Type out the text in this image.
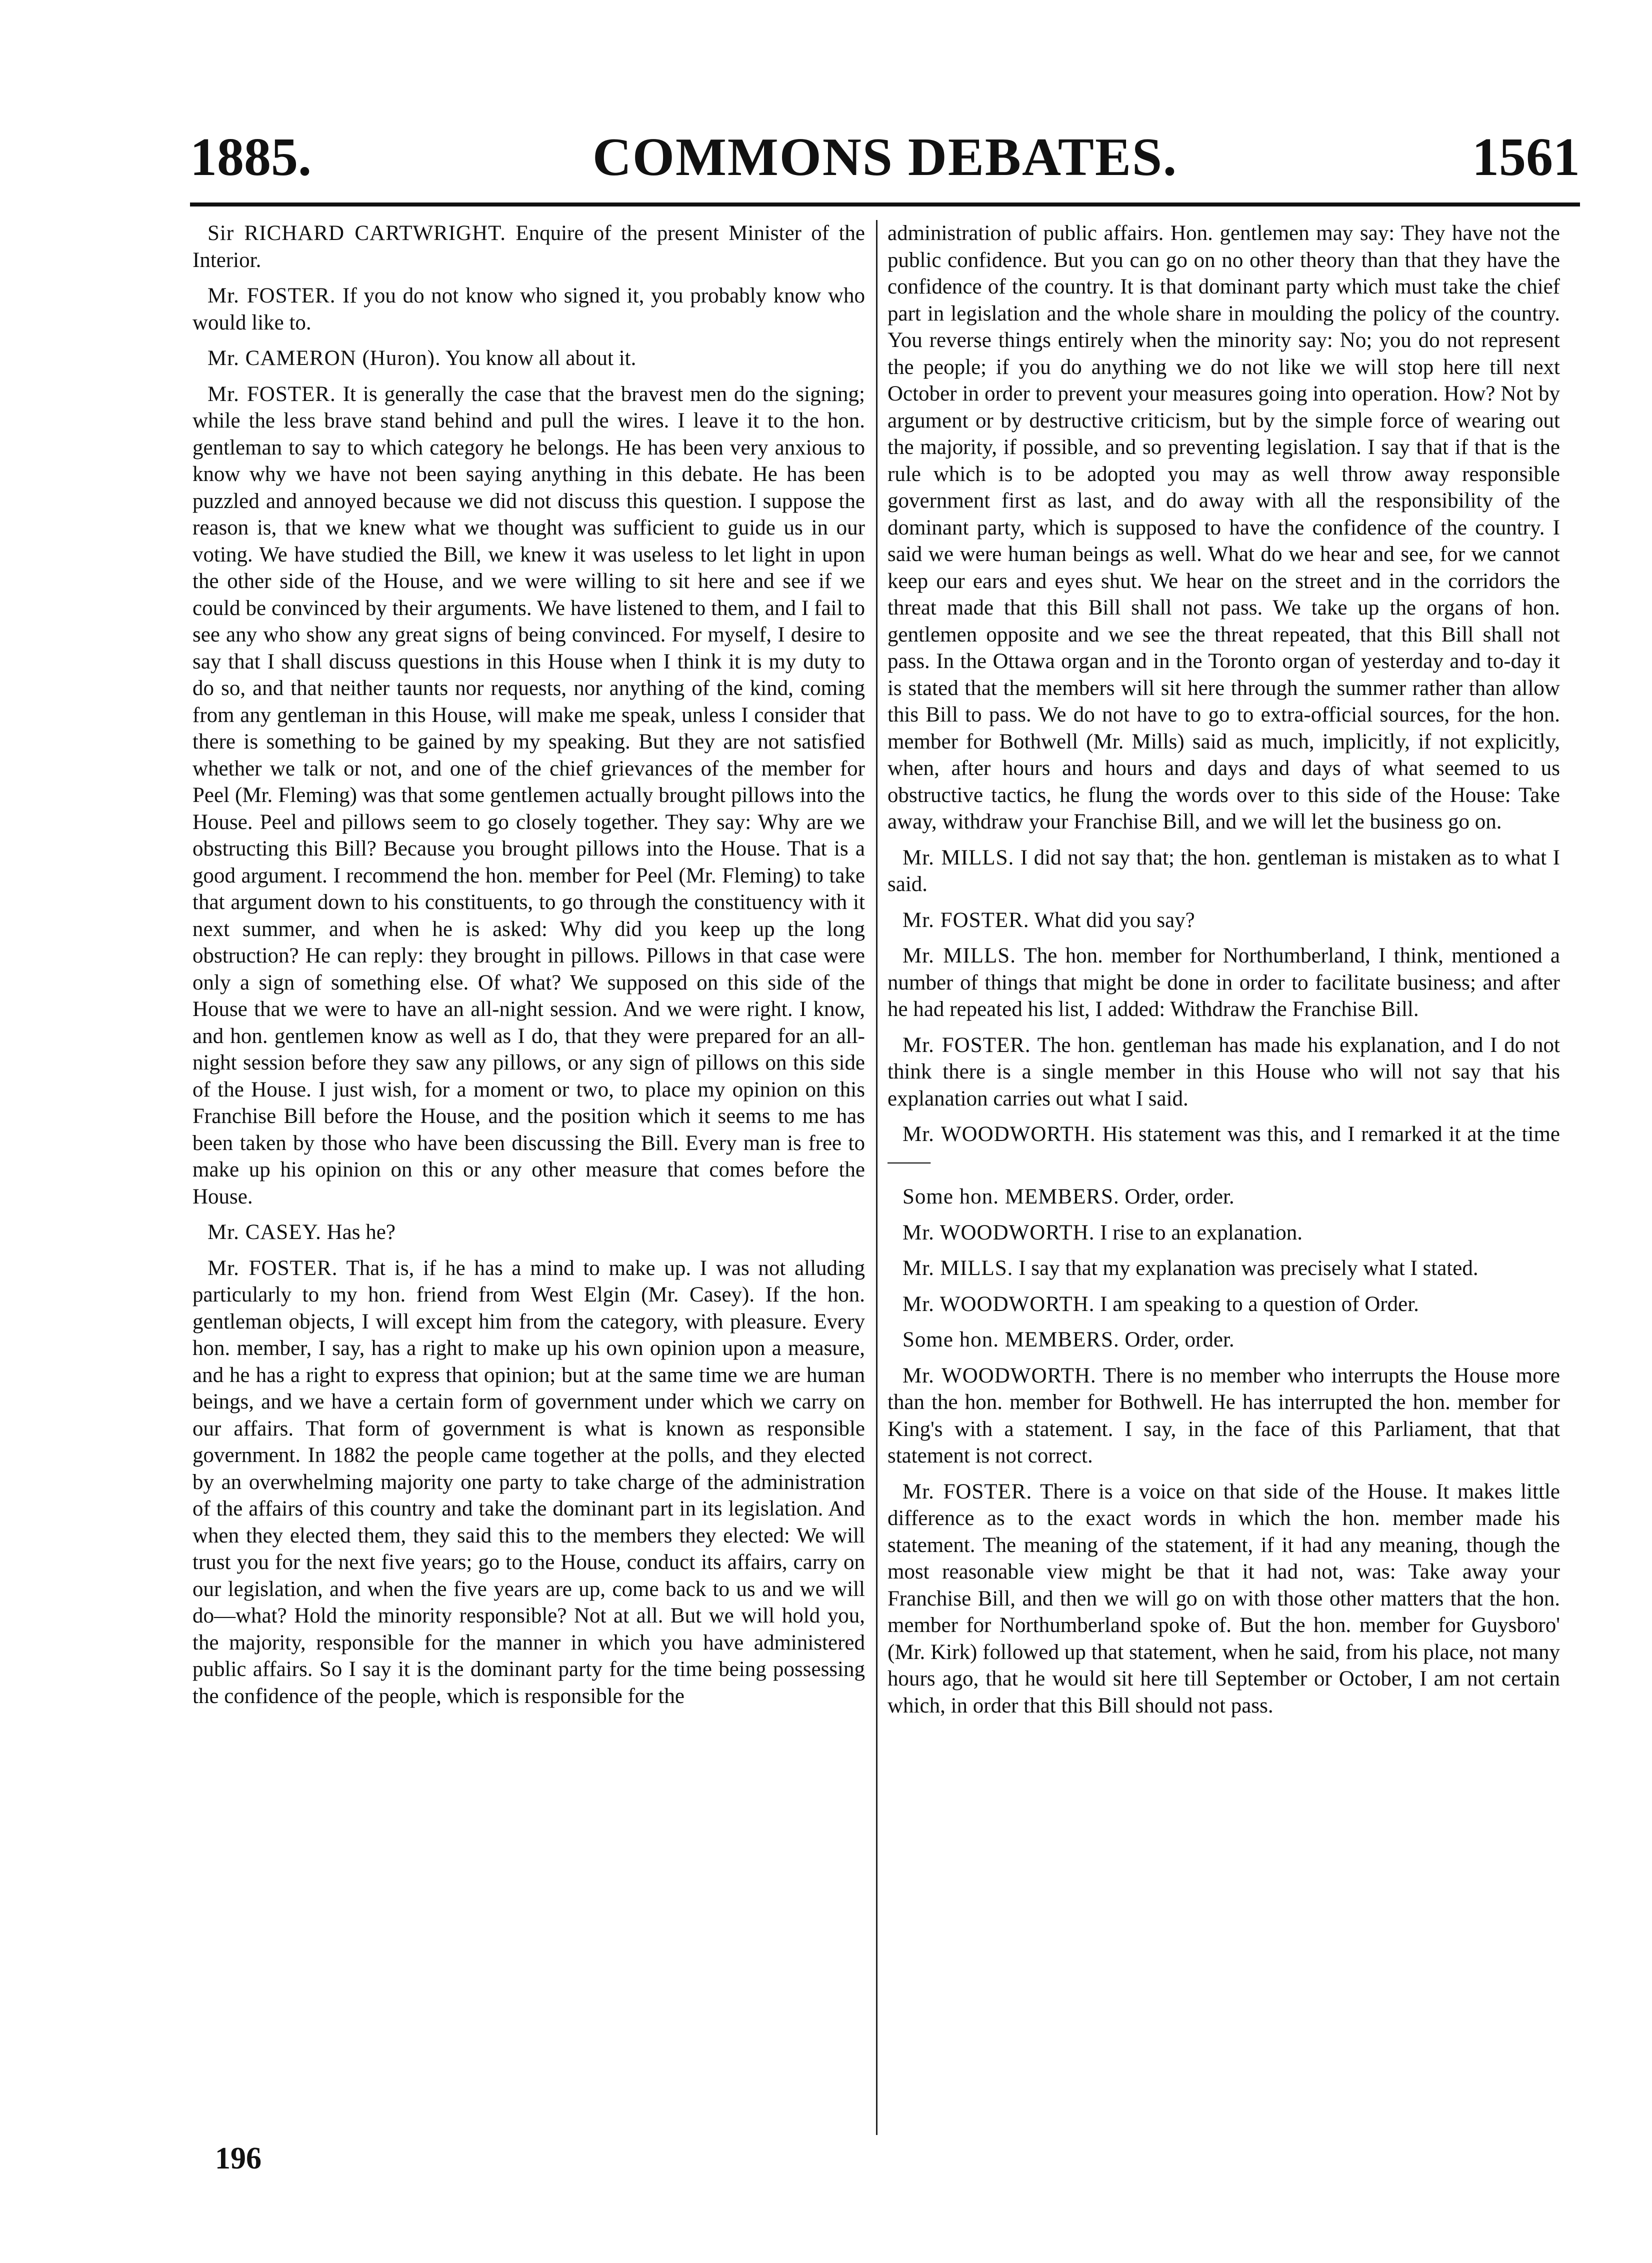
1885.	COMMONS DEBATES.	1561

Sir RICHARD CARTWRIGHT. Enquire of the present Minister of the Interior.

Mr. FOSTER. If you do not know who signed it, you probably know who would like to.

Mr. CAMERON (Huron). You know all about it.

Mr. FOSTER. It is generally the case that the bravest men do the signing; while the less brave stand behind and pull the wires. I leave it to the hon. gentleman to say to which category he belongs. He has been very anxious to know why we have not been saying anything in this debate. He has been puzzled and annoyed because we did not discuss this question. I suppose the reason is, that we knew what we thought was sufficient to guide us in our voting. We have studied the Bill, we knew it was useless to let light in upon the other side of the House, and we were willing to sit here and see if we could be convinced by their arguments. We have listened to them, and I fail to see any who show any great signs of being convinced. For myself, I desire to say that I shall discuss questions in this House when I think it is my duty to do so, and that neither taunts nor requests, nor anything of the kind, coming from any gentleman in this House, will make me speak, unless I consider that there is something to be gained by my speaking. But they are not satisfied whether we talk or not, and one of the chief grievances of the member for Peel (Mr. Fleming) was that some gentlemen actually brought pillows into the House. Peel and pillows seem to go closely together. They say: Why are we obstructing this Bill? Because you brought pillows into the House. That is a good argument. I recommend the hon. member for Peel (Mr. Fleming) to take that argument down to his constituents, to go through the constituency with it next summer, and when he is asked: Why did you keep up the long obstruction? He can reply: they brought in pillows. Pillows in that case were only a sign of something else. Of what? We supposed on this side of the House that we were to have an all-night session. And we were right. I know, and hon. gentlemen know as well as I do, that they were prepared for an all-night session before they saw any pillows, or any sign of pillows on this side of the House. I just wish, for a moment or two, to place my opinion on this Franchise Bill before the House, and the position which it seems to me has been taken by those who have been discussing the Bill. Every man is free to make up his opinion on this or any other measure that comes before the House.

Mr. CASEY. Has he?

Mr. FOSTER. That is, if he has a mind to make up. I was not alluding particularly to my hon. friend from West Elgin (Mr. Casey). If the hon. gentleman objects, I will except him from the category, with pleasure. Every hon. member, I say, has a right to make up his own opinion upon a measure, and he has a right to express that opinion; but at the same time we are human beings, and we have a certain form of government under which we carry on our affairs. That form of government is what is known as responsible government. In 1882 the people came together at the polls, and they elected by an overwhelming majority one party to take charge of the administration of the affairs of this country and take the dominant part in its legislation. And when they elected them, they said this to the members they elected: We will trust you for the next five years; go to the House, conduct its affairs, carry on our legislation, and when the five years are up, come back to us and we will do—what? Hold the minority responsible? Not at all. But we will hold you, the majority, responsible for the manner in which you have administered public affairs. So I say it is the dominant party for the time being possessing the confidence of the people, which is responsible for the

administration of public affairs. Hon. gentlemen may say: They have not the public confidence. But you can go on no other theory than that they have the confidence of the country. It is that dominant party which must take the chief part in legislation and the whole share in moulding the policy of the country. You reverse things entirely when the minority say: No; you do not represent the people; if you do anything we do not like we will stop here till next October in order to prevent your measures going into operation. How? Not by argument or by destructive criticism, but by the simple force of wearing out the majority, if possible, and so preventing legislation. I say that if that is the rule which is to be adopted you may as well throw away responsible government first as last, and do away with all the responsibility of the dominant party, which is supposed to have the confidence of the country. I said we were human beings as well. What do we hear and see, for we cannot keep our ears and eyes shut. We hear on the street and in the corridors the threat made that this Bill shall not pass. We take up the organs of hon. gentlemen opposite and we see the threat repeated, that this Bill shall not pass. In the Ottawa organ and in the Toronto organ of yesterday and to-day it is stated that the members will sit here through the summer rather than allow this Bill to pass. We do not have to go to extra-official sources, for the hon. member for Bothwell (Mr. Mills) said as much, implicitly, if not explicitly, when, after hours and hours and days and days of what seemed to us obstructive tactics, he flung the words over to this side of the House: Take away, withdraw your Franchise Bill, and we will let the business go on.

Mr. MILLS. I did not say that; the hon. gentleman is mistaken as to what I said.

Mr. FOSTER. What did you say?

Mr. MILLS. The hon. member for Northumberland, I think, mentioned a number of things that might be done in order to facilitate business; and after he had repeated his list, I added: Withdraw the Franchise Bill.

Mr. FOSTER. The hon. gentleman has made his explanation, and I do not think there is a single member in this House who will not say that his explanation carries out what I said.

Mr. WOODWORTH. His statement was this, and I remarked it at the time——

Some hon. MEMBERS. Order, order.

Mr. WOODWORTH. I rise to an explanation.

Mr. MILLS. I say that my explanation was precisely what I stated.

Mr. WOODWORTH. I am speaking to a question of Order.

Some hon. MEMBERS. Order, order.

Mr. WOODWORTH. There is no member who interrupts the House more than the hon. member for Bothwell. He has interrupted the hon. member for King's with a statement. I say, in the face of this Parliament, that that statement is not correct.

Mr. FOSTER. There is a voice on that side of the House. It makes little difference as to the exact words in which the hon. member made his statement. The meaning of the statement, if it had any meaning, though the most reasonable view might be that it had not, was: Take away your Franchise Bill, and then we will go on with those other matters that the hon. member for Northumberland spoke of. But the hon. member for Guysboro' (Mr. Kirk) followed up that statement, when he said, from his place, not many hours ago, that he would sit here till September or October, I am not certain which, in order that this Bill should not pass.

196
